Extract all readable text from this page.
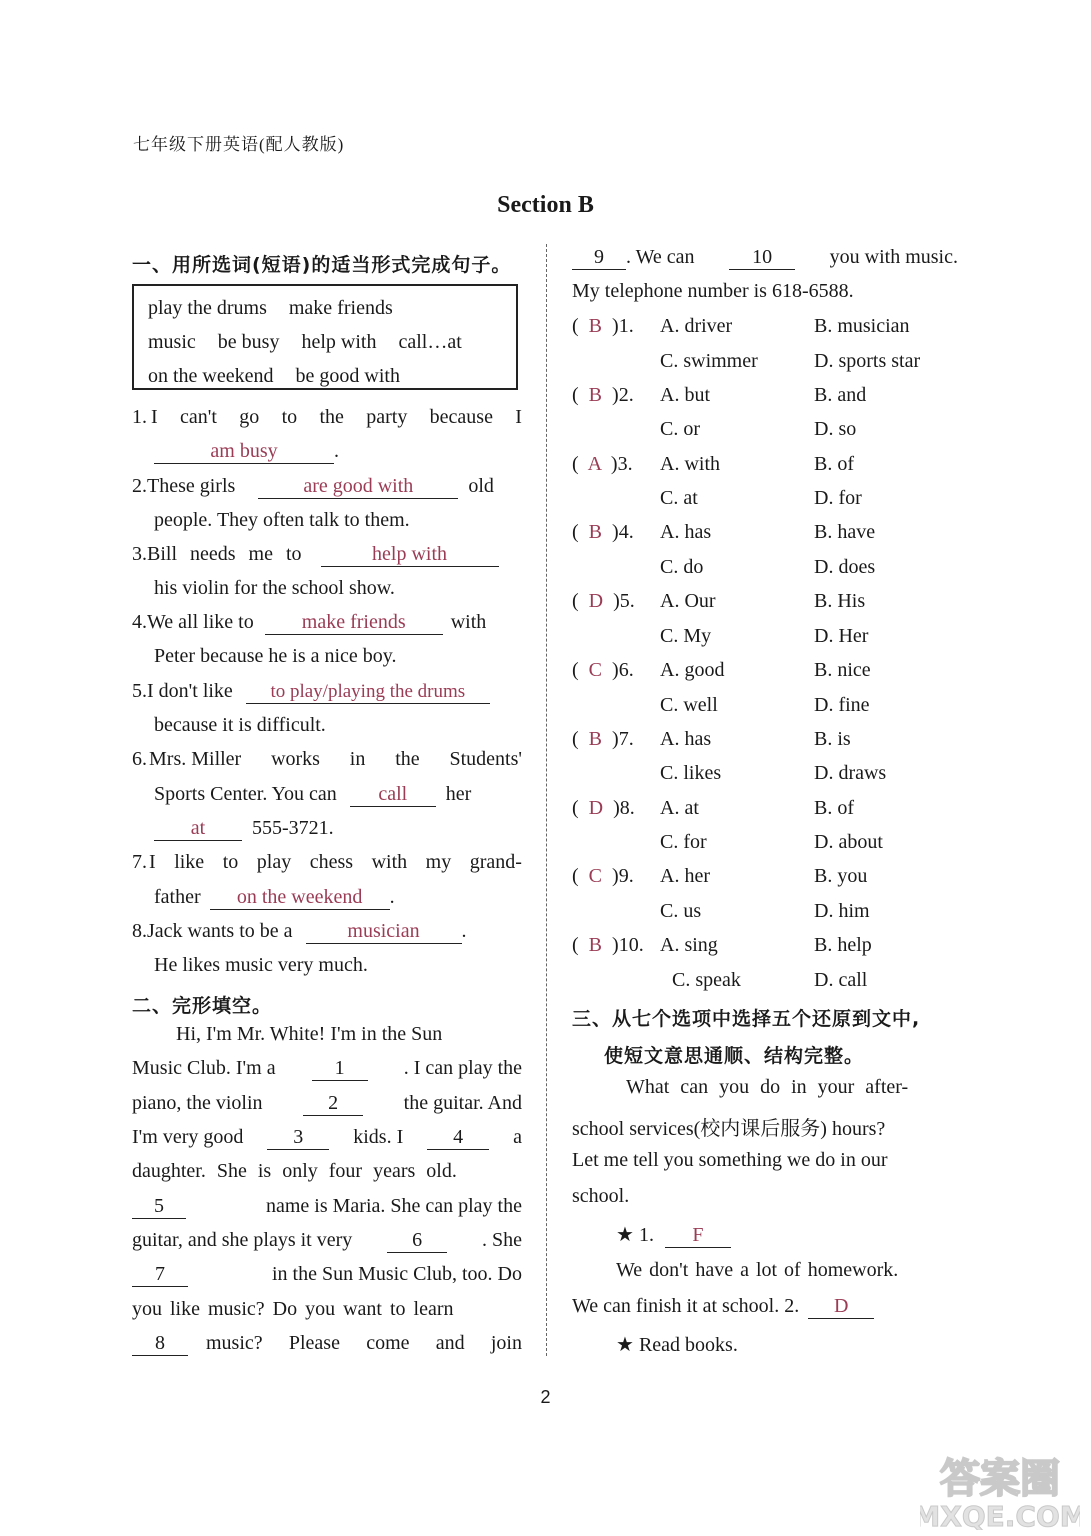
七年级下册英语(配人教版)
Section B
一、用所选词(短语)的适当形式完成句子。
play the drums make friends
music be busy help with call…at
on the weekend be good with
1. I can't go to the party because I
am busy	.
2.These girls	are good with	old
people. They often talk to them.
3.Bill needs me to	help with
his violin for the school show.
4.We all like to make friends with
Peter because he is a nice boy.
5.I don't like to play/playing the drums
because it is difficult.
6. Mrs. Miller works in the Students'
Sports Center. You can call her
at 555-3721.
7. I like to play chess with my grand-
father on the weekend .
8.Jack wants to be a	musician .
He likes music very much.
二、完形填空。
Hi, I'm Mr. White! I'm in the Sun
Music Club. I'm a	1	. I can play the
piano, the violin	2	the guitar. And
I'm very good	3	kids. I	4	a
daughter. She is only four years old.
5	name is Maria. She can play the
guitar, and she plays it very	6	. She
7	in the Sun Music Club, too. Do
you like music? Do you want to learn
8	music? Please come and join
9 . We can	10	you with music.
My telephone number is 618-6588.
(  B  )1. A. driver	B. musician
C. swimmer	D. sports star
(  B  )2. A. but	B. and
C. or	D. so
(  A  )3. A. with	B. of
C. at	D. for
(  B  )4. A. has	B. have
C. do	D. does
(  D  )5. A. Our	B. His
C. My	D. Her
(  C  )6. A. good	B. nice
C. well	D. fine
(  B  )7. A. has	B. is
C. likes	D. draws
(  D  )8. A. at	B. of
C. for	D. about
(  C  )9. A. her	B. you
C. us	D. him
(  B  )10. A. sing	B. help
C. speak	D. call
三、从七个选项中选择五个还原到文中,
使短文意思通顺、结构完整。
What can you do in your after-
school services(校内课后服务) hours?
Let me tell you something we do in our
school.
★ 1. F
We don't have a lot of homework.
We can finish it at school. 2. D
★ Read books.
2
答案圈
MXQE.COM
